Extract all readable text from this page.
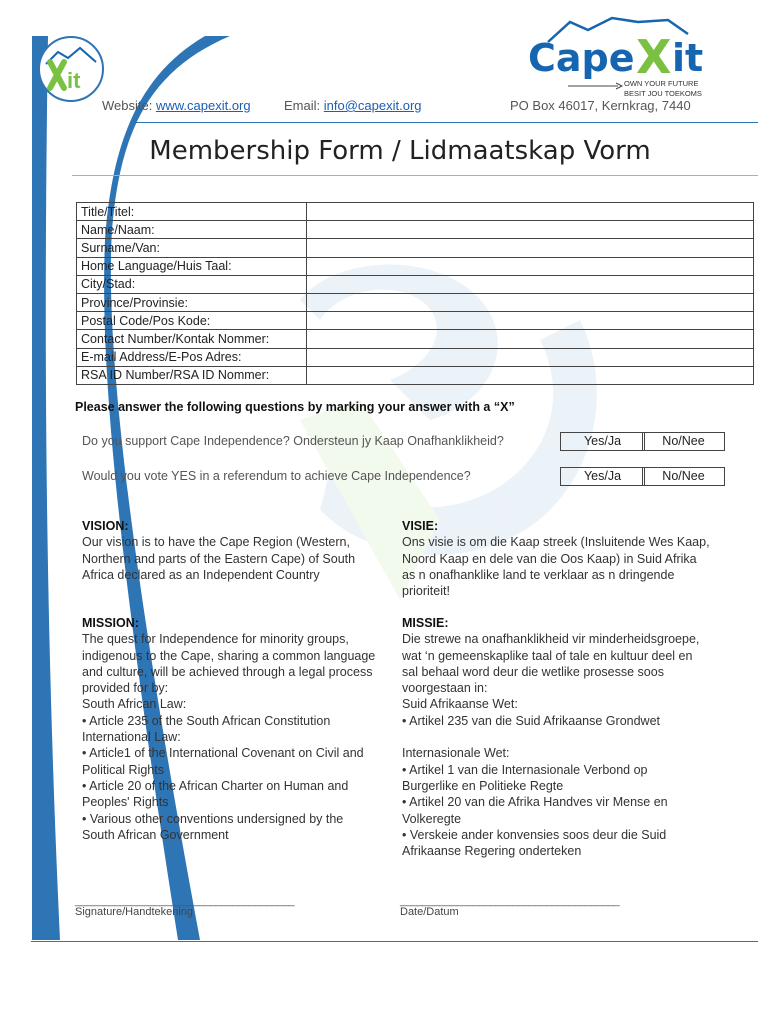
it
Website: www.capexit.org	Email: info@capexit.org	PO Box 46017, Kernkrag, 7440
Cape X it
OWN YOUR FUTURE
BESIT JOU TOEKOMS
Membership Form / Lidmaatskap Vorm
Title/Titel:	
Name/Naam:	
Surname/Van:	
Home Language/Huis Taal:	
City/Stad:	
Province/Provinsie:	
Postal Code/Pos Kode:	
Contact Number/Kontak Nommer:	
E-mail Address/E-Pos Adres:	
RSA ID Number/RSA ID Nommer:	
Please answer the following questions by marking your answer with a “X”
Do you support Cape Independence? Ondersteun jy Kaap Onafhanklikheid?	Yes/Ja	No/Nee
Would you vote YES in a referendum to achieve Cape Independence?	Yes/Ja	No/Nee
VISION:
Our vision is to have the Cape Region (Western,
Northern and parts of the Eastern Cape) of South
Africa declared as an Independent Country
VISIE:
Ons visie is om die Kaap streek (Insluitende Wes Kaap,
Noord Kaap en dele van die Oos Kaap) in Suid Afrika
as n onafhanklike land te verklaar as n dringende
prioriteit!
MISSION:
The quest for Independence for minority groups,
indigenous to the Cape, sharing a common language
and culture, will be achieved through a legal process
provided for by:
South African Law:
• Article 235 of the South African Constitution
International Law:
• Article1 of the International Covenant on Civil and
Political Rights
• Article 20 of the African Charter on Human and
Peoples' Rights
• Various other conventions undersigned by the
South African Government
MISSIE:
Die strewe na onafhanklikheid vir minderheidsgroepe,
wat ‘n gemeenskaplike taal of tale en kultuur deel en
sal behaal word deur die wetlike prosesse soos
voorgestaan in:
Suid Afrikaanse Wet:
• Artikel 235 van die Suid Afrikaanse Grondwet
Internasionale Wet:
• Artikel 1 van die Internasionale Verbond op
Burgerlike en Politieke Regte
• Artikel 20 van die Afrika Handves vir Mense en
Volkeregte
• Verskeie ander konvensies soos deur die Suid
Afrikaanse Regering onderteken
_______________________________________
Signature/Handtekening
_______________________________________
Date/Datum
